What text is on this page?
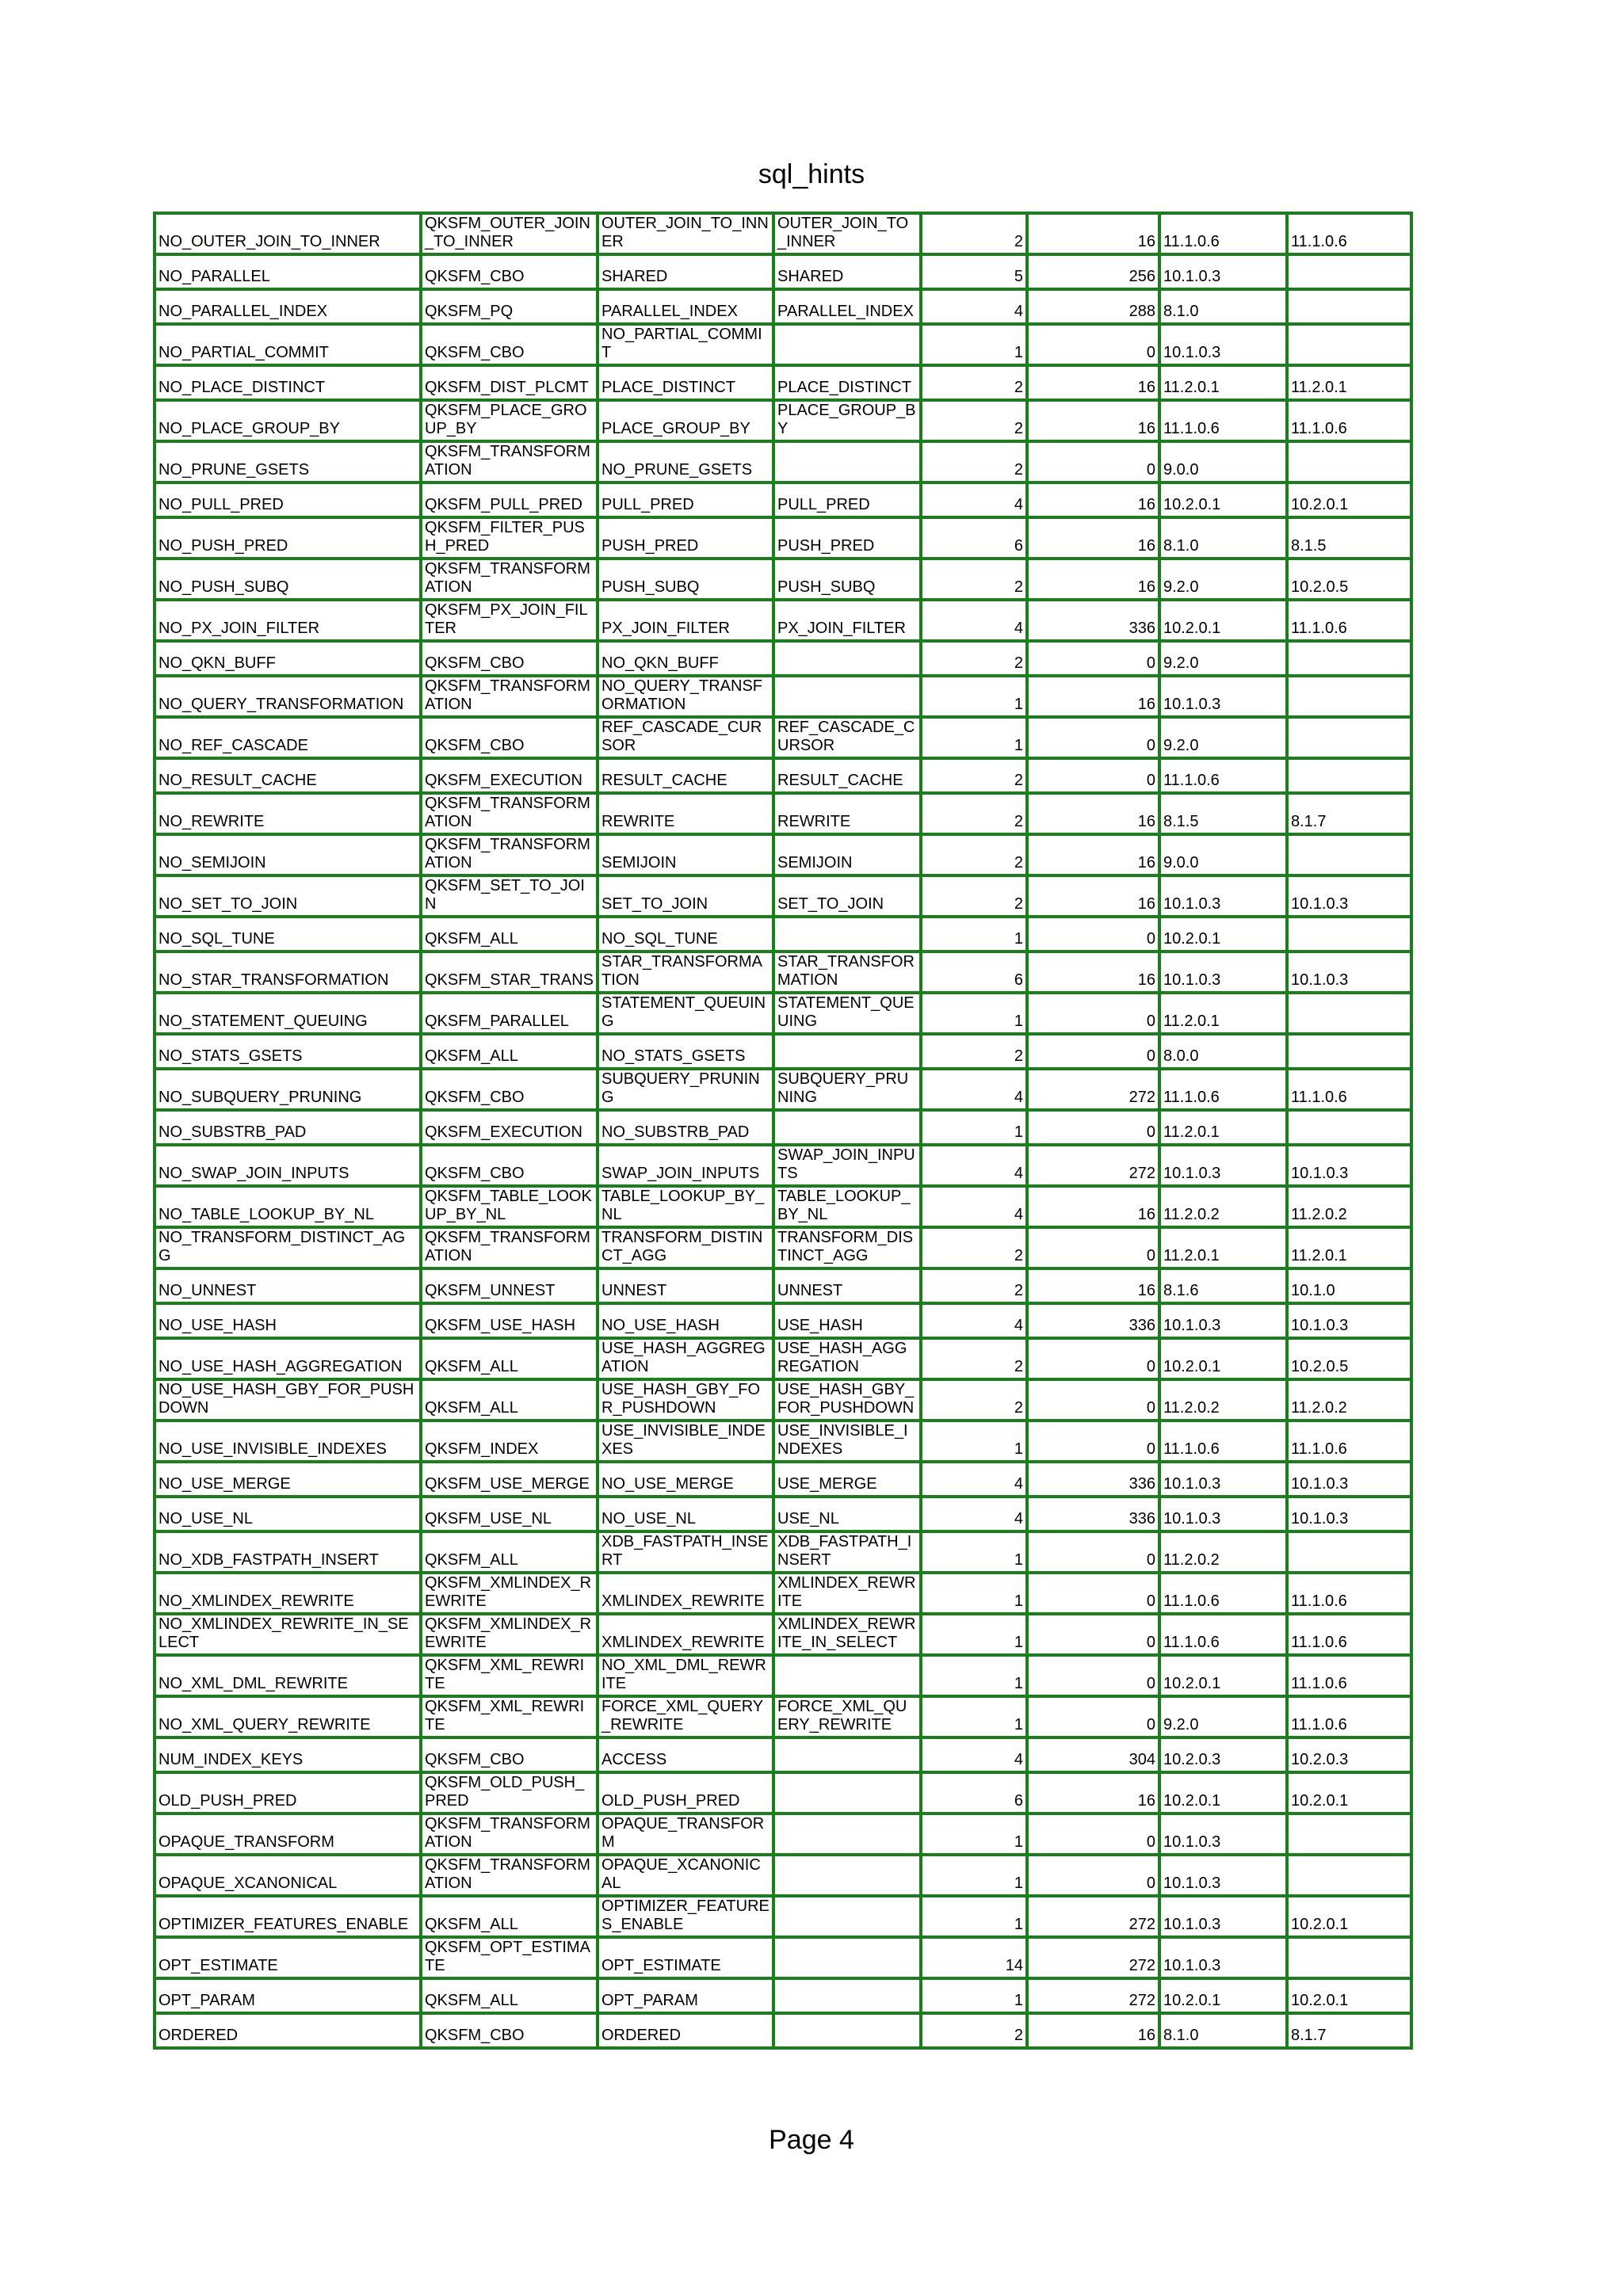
sql_hints
NO_OUTER_JOIN_TO_INNER	QKSFM_OUTER_JOIN_TO_INNER	OUTER_JOIN_TO_INNER	OUTER_JOIN_TO_INNER	2	16	11.1.0.6	11.1.0.6
NO_PARALLEL	QKSFM_CBO	SHARED	SHARED	5	256	10.1.0.3	
NO_PARALLEL_INDEX	QKSFM_PQ	PARALLEL_INDEX	PARALLEL_INDEX	4	288	8.1.0	
NO_PARTIAL_COMMIT	QKSFM_CBO	NO_PARTIAL_COMMIT		1	0	10.1.0.3	
NO_PLACE_DISTINCT	QKSFM_DIST_PLCMT	PLACE_DISTINCT	PLACE_DISTINCT	2	16	11.2.0.1	11.2.0.1
NO_PLACE_GROUP_BY	QKSFM_PLACE_GROUP_BY	PLACE_GROUP_BY	PLACE_GROUP_BY	2	16	11.1.0.6	11.1.0.6
NO_PRUNE_GSETS	QKSFM_TRANSFORMATION	NO_PRUNE_GSETS		2	0	9.0.0	
NO_PULL_PRED	QKSFM_PULL_PRED	PULL_PRED	PULL_PRED	4	16	10.2.0.1	10.2.0.1
NO_PUSH_PRED	QKSFM_FILTER_PUSH_PRED	PUSH_PRED	PUSH_PRED	6	16	8.1.0	8.1.5
NO_PUSH_SUBQ	QKSFM_TRANSFORMATION	PUSH_SUBQ	PUSH_SUBQ	2	16	9.2.0	10.2.0.5
NO_PX_JOIN_FILTER	QKSFM_PX_JOIN_FILTER	PX_JOIN_FILTER	PX_JOIN_FILTER	4	336	10.2.0.1	11.1.0.6
NO_QKN_BUFF	QKSFM_CBO	NO_QKN_BUFF		2	0	9.2.0	
NO_QUERY_TRANSFORMATION	QKSFM_TRANSFORMATION	NO_QUERY_TRANSFORMATION		1	16	10.1.0.3	
NO_REF_CASCADE	QKSFM_CBO	REF_CASCADE_CURSOR	REF_CASCADE_CURSOR	1	0	9.2.0	
NO_RESULT_CACHE	QKSFM_EXECUTION	RESULT_CACHE	RESULT_CACHE	2	0	11.1.0.6	
NO_REWRITE	QKSFM_TRANSFORMATION	REWRITE	REWRITE	2	16	8.1.5	8.1.7
NO_SEMIJOIN	QKSFM_TRANSFORMATION	SEMIJOIN	SEMIJOIN	2	16	9.0.0	
NO_SET_TO_JOIN	QKSFM_SET_TO_JOIN	SET_TO_JOIN	SET_TO_JOIN	2	16	10.1.0.3	10.1.0.3
NO_SQL_TUNE	QKSFM_ALL	NO_SQL_TUNE		1	0	10.2.0.1	
NO_STAR_TRANSFORMATION	QKSFM_STAR_TRANS	STAR_TRANSFORMATION	STAR_TRANSFORMATION	6	16	10.1.0.3	10.1.0.3
NO_STATEMENT_QUEUING	QKSFM_PARALLEL	STATEMENT_QUEUING	STATEMENT_QUEUING	1	0	11.2.0.1	
NO_STATS_GSETS	QKSFM_ALL	NO_STATS_GSETS		2	0	8.0.0	
NO_SUBQUERY_PRUNING	QKSFM_CBO	SUBQUERY_PRUNING	SUBQUERY_PRUNING	4	272	11.1.0.6	11.1.0.6
NO_SUBSTRB_PAD	QKSFM_EXECUTION	NO_SUBSTRB_PAD		1	0	11.2.0.1	
NO_SWAP_JOIN_INPUTS	QKSFM_CBO	SWAP_JOIN_INPUTS	SWAP_JOIN_INPUTS	4	272	10.1.0.3	10.1.0.3
NO_TABLE_LOOKUP_BY_NL	QKSFM_TABLE_LOOKUP_BY_NL	TABLE_LOOKUP_BY_NL	TABLE_LOOKUP_BY_NL	4	16	11.2.0.2	11.2.0.2
NO_TRANSFORM_DISTINCT_AGG	QKSFM_TRANSFORMATION	TRANSFORM_DISTINCT_AGG	TRANSFORM_DISTINCT_AGG	2	0	11.2.0.1	11.2.0.1
NO_UNNEST	QKSFM_UNNEST	UNNEST	UNNEST	2	16	8.1.6	10.1.0
NO_USE_HASH	QKSFM_USE_HASH	NO_USE_HASH	USE_HASH	4	336	10.1.0.3	10.1.0.3
NO_USE_HASH_AGGREGATION	QKSFM_ALL	USE_HASH_AGGREGATION	USE_HASH_AGGREGATION	2	0	10.2.0.1	10.2.0.5
NO_USE_HASH_GBY_FOR_PUSHDOWN	QKSFM_ALL	USE_HASH_GBY_FOR_PUSHDOWN	USE_HASH_GBY_FOR_PUSHDOWN	2	0	11.2.0.2	11.2.0.2
NO_USE_INVISIBLE_INDEXES	QKSFM_INDEX	USE_INVISIBLE_INDEXES	USE_INVISIBLE_INDEXES	1	0	11.1.0.6	11.1.0.6
NO_USE_MERGE	QKSFM_USE_MERGE	NO_USE_MERGE	USE_MERGE	4	336	10.1.0.3	10.1.0.3
NO_USE_NL	QKSFM_USE_NL	NO_USE_NL	USE_NL	4	336	10.1.0.3	10.1.0.3
NO_XDB_FASTPATH_INSERT	QKSFM_ALL	XDB_FASTPATH_INSERT	XDB_FASTPATH_INSERT	1	0	11.2.0.2	
NO_XMLINDEX_REWRITE	QKSFM_XMLINDEX_REWRITE	XMLINDEX_REWRITE	XMLINDEX_REWRITE	1	0	11.1.0.6	11.1.0.6
NO_XMLINDEX_REWRITE_IN_SELECT	QKSFM_XMLINDEX_REWRITE	XMLINDEX_REWRITE	XMLINDEX_REWRITE_IN_SELECT	1	0	11.1.0.6	11.1.0.6
NO_XML_DML_REWRITE	QKSFM_XML_REWRITE	NO_XML_DML_REWRITE		1	0	10.2.0.1	11.1.0.6
NO_XML_QUERY_REWRITE	QKSFM_XML_REWRITE	FORCE_XML_QUERY_REWRITE	FORCE_XML_QUERY_REWRITE	1	0	9.2.0	11.1.0.6
NUM_INDEX_KEYS	QKSFM_CBO	ACCESS		4	304	10.2.0.3	10.2.0.3
OLD_PUSH_PRED	QKSFM_OLD_PUSH_PRED	OLD_PUSH_PRED		6	16	10.2.0.1	10.2.0.1
OPAQUE_TRANSFORM	QKSFM_TRANSFORMATION	OPAQUE_TRANSFORM		1	0	10.1.0.3	
OPAQUE_XCANONICAL	QKSFM_TRANSFORMATION	OPAQUE_XCANONICAL		1	0	10.1.0.3	
OPTIMIZER_FEATURES_ENABLE	QKSFM_ALL	OPTIMIZER_FEATURES_ENABLE		1	272	10.1.0.3	10.2.0.1
OPT_ESTIMATE	QKSFM_OPT_ESTIMATE	OPT_ESTIMATE		14	272	10.1.0.3	
OPT_PARAM	QKSFM_ALL	OPT_PARAM		1	272	10.2.0.1	10.2.0.1
ORDERED	QKSFM_CBO	ORDERED		2	16	8.1.0	8.1.7
Page 4
